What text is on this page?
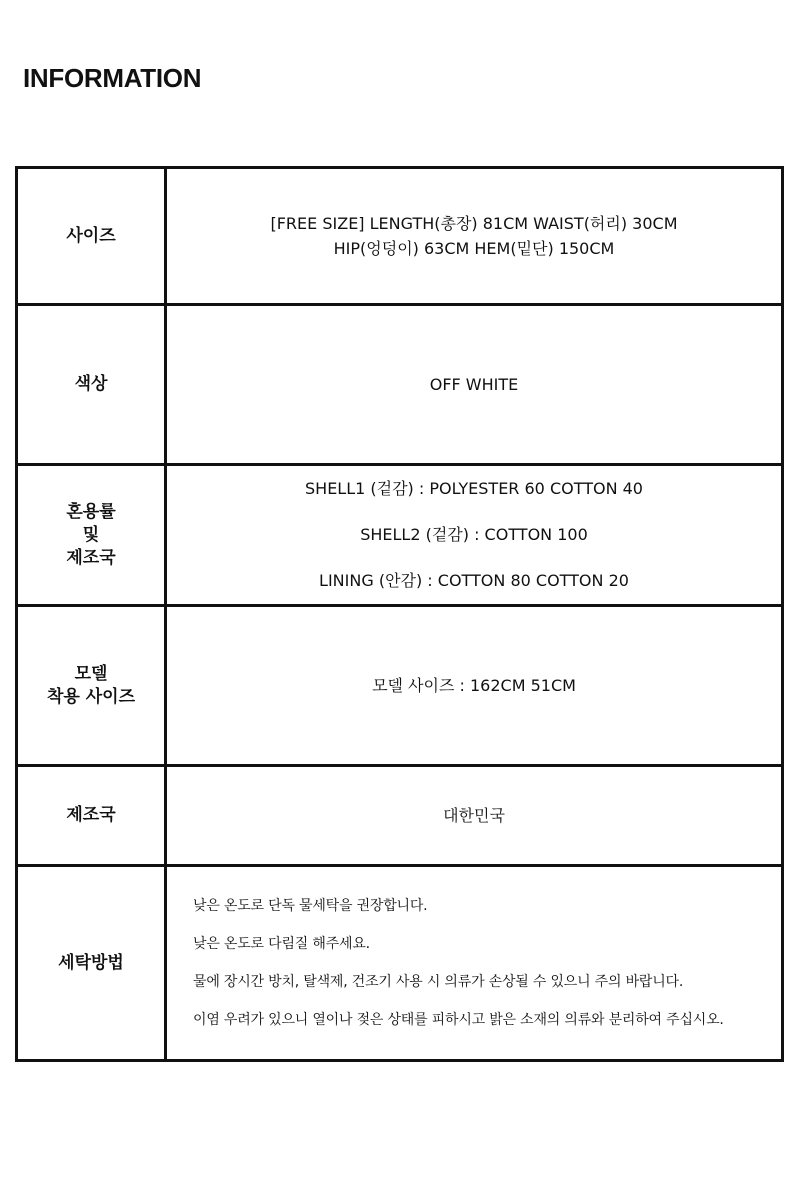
INFORMATION
사이즈	[FREE SIZE] LENGTH(총장) 81CM WAIST(허리) 30CM
HIP(엉덩이) 63CM HEM(밑단) 150CM

색상	OFF WHITE

혼용률
및
제조국	SHELL1 (겉감) : POLYESTER 60 COTTON 40
SHELL2 (겉감) : COTTON 100
LINING (안감) : COTTON 80 COTTON 20

모델
착용 사이즈	모델 사이즈 : 162CM 51CM
제조국	대한민국
세탁방법	낮은 온도로 단독 물세탁을 권장합니다.
낮은 온도로 다림질 해주세요.
물에 장시간 방치, 탈색제, 건조기 사용 시 의류가 손상될 수 있으니 주의 바랍니다.
이염 우려가 있으니 열이나 젖은 상태를 피하시고 밝은 소재의 의류와 분리하여 주십시오.
